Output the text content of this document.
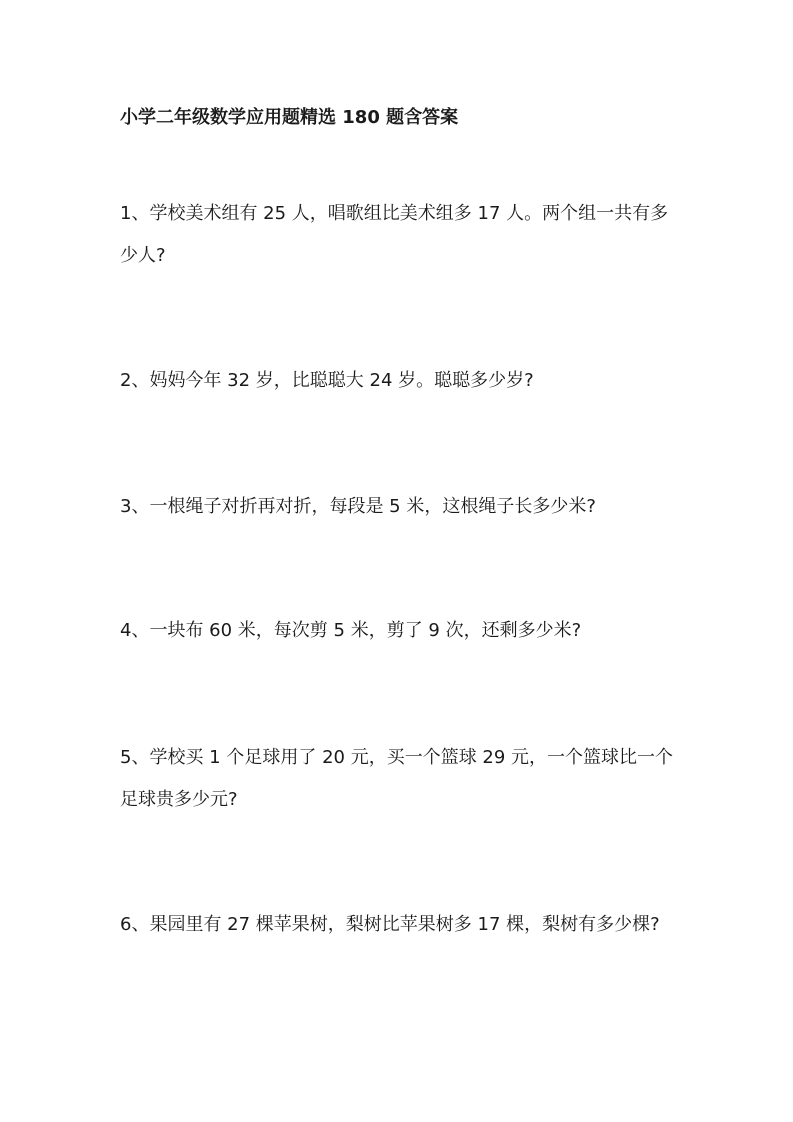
小学二年级数学应用题精选 180 题含答案
1、学校美术组有 25 人，唱歌组比美术组多 17 人。两个组一共有多少人?
2、妈妈今年 32 岁，比聪聪大 24 岁。聪聪多少岁?
3、一根绳子对折再对折，每段是 5 米，这根绳子长多少米?
4、一块布 60 米，每次剪 5 米，剪了 9 次，还剩多少米?
5、学校买 1 个足球用了 20 元，买一个篮球 29 元，一个篮球比一个足球贵多少元?
6、果园里有 27 棵苹果树，梨树比苹果树多 17 棵，梨树有多少棵?
